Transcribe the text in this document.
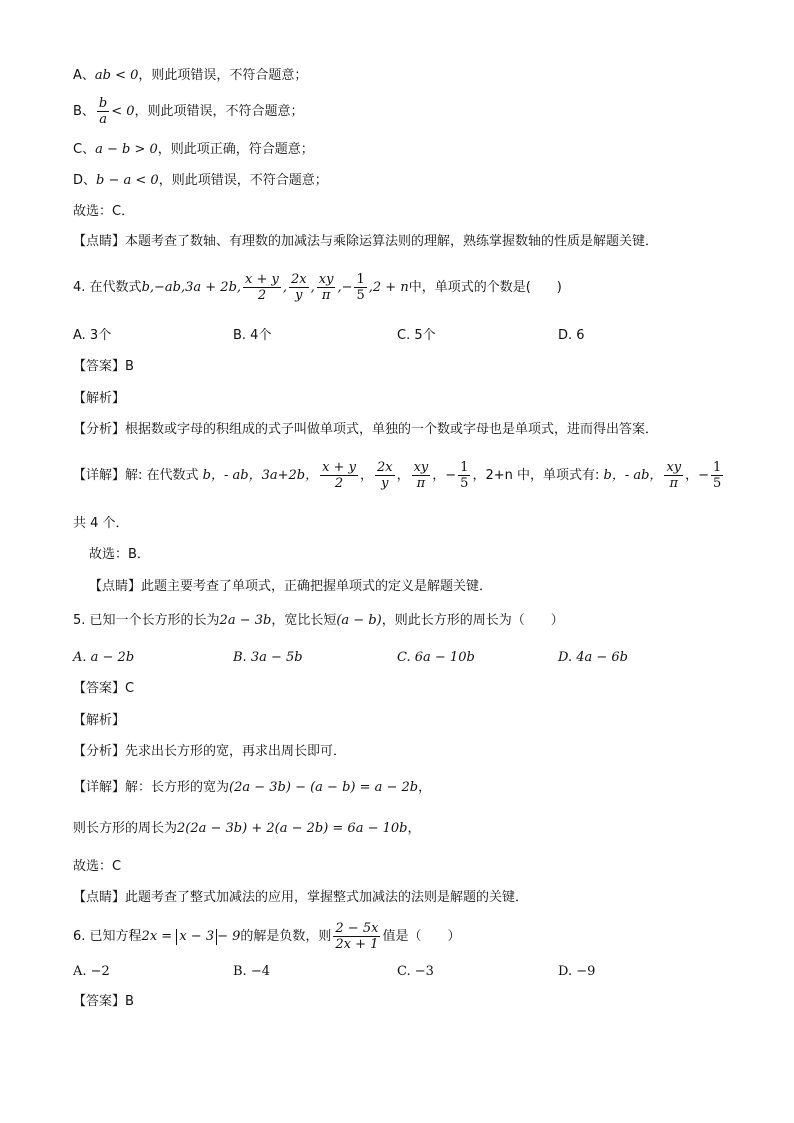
A、ab < 0，则此项错误，不符合题意；
B、 $\frac{b}{a} < 0$，则此项错误，不符合题意；
C、a − b > 0，则此项正确，符合题意；
D、b − a < 0，则此项错误，不符合题意；
故选：C．
【点睛】本题考查了数轴、有理数的加减法与乘除运算法则的理解，熟练掌握数轴的性质是解题关键．
4. 在代数式b,−ab,3a + 2b, $\frac{x + y}{2}$ , $\frac{2x}{y}$ , $\frac{xy}{\pi}$ ,− $\frac{1}{5} ,2 + n$中，单项式的个数是(　　)
A. 3个	B. 4个	C. 5个	D. 6
【答案】B
【解析】
【分析】根据数或字母的积组成的式子叫做单项式，单独的一个数或字母也是单项式，进而得出答案．
【详解】解: 在代数式 b，- ab，3a+2b， $\frac{x + y}{2}$ ， $\frac{2x}{y}$ ， $\frac{xy}{\pi}$ ，− $\frac{1}{5}$ ，2+n 中，单项式有: b，- ab， $\frac{xy}{\pi}$ ，− $\frac{1}{5}$
共 4 个．
故选：B．
【点睛】此题主要考查了单项式，正确把握单项式的定义是解题关键．
5. 已知一个长方形的长为2a − 3b，宽比长短(a − b)，则此长方形的周长为（　　）
A. a − 2b	B. 3a − 5b	C. 6a − 10b	D. 4a − 6b
【答案】C
【解析】
【分析】先求出长方形的宽，再求出周长即可．
【详解】解：长方形的宽为(2a − 3b) − (a − b) = a − 2b，
则长方形的周长为2(2a − 3b) + 2(a − 2b) = 6a − 10b，
故选：C
【点睛】此题考查了整式加减法的应用，掌握整式加减法的法则是解题的关键．
6. 已知方程2x = x − 3 − 9的解是负数，则 $\frac{2 - 5x}{2x + 1}$ 值是（　　）
A. −2	B. −4	C. −3	D. −9
【答案】B
